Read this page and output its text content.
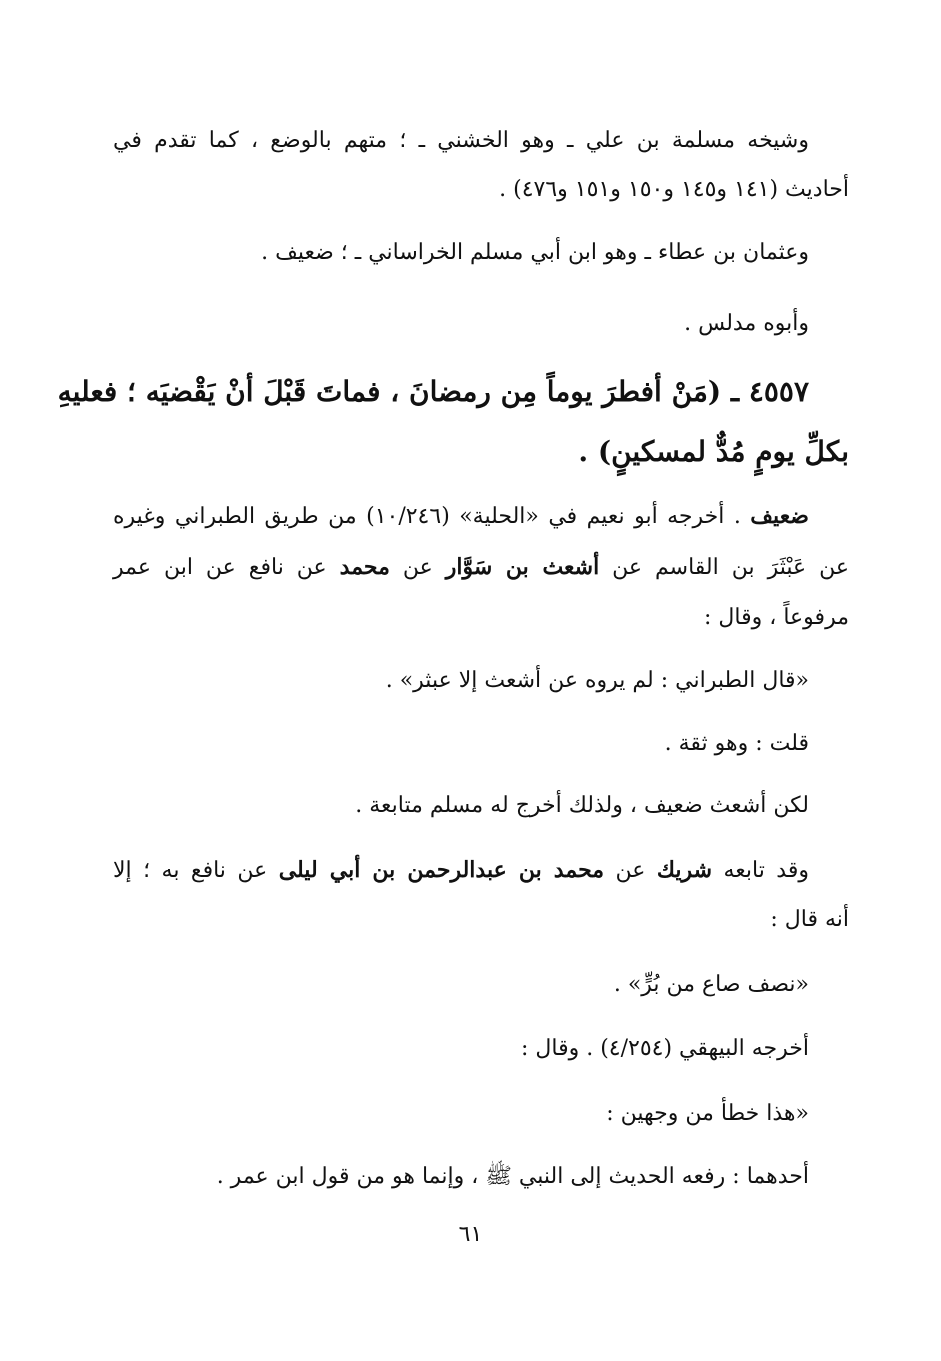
وشيخه مسلمة بن علي ـ وهو الخشني ـ ؛ متهم بالوضع ، كما تقدم في
أحاديث (١٤١ و١٤٥ و١٥٠ و١٥١ و٤٧٦) .
وعثمان بن عطاء ـ وهو ابن أبي مسلم الخراساني ـ ؛ ضعيف .
وأبوه مدلس .
٤٥٥٧ ـ (مَنْ أفطرَ يوماً مِن رمضانَ ، فماتَ قَبْلَ أنْ يَقْضيَه ؛ فعليهِ
بكلِّ يومٍ مُدٌّ لمسكينٍ) .
ضعيف . أخرجه أبو نعيم في «الحلية» (١٠/٢٤٦) من طريق الطبراني وغيره
عن عَبْثَرَ بن القاسم عن أشعث بن سَوَّار عن محمد عن نافع عن ابن عمر
مرفوعاً ، وقال :
«قال الطبراني : لم يروه عن أشعث إلا عبثر» .
قلت : وهو ثقة .
لكن أشعث ضعيف ، ولذلك أخرج له مسلم متابعة .
وقد تابعه شريك عن محمد بن عبدالرحمن بن أبي ليلى عن نافع به ؛ إلا
أنه قال :
«نصف صاع من بُرٍّ» .
أخرجه البيهقي (٤/٢٥٤) . وقال :
«هذا خطأ من وجهين :
أحدهما : رفعه الحديث إلى النبي ﷺ ، وإنما هو من قول ابن عمر .
٦١
